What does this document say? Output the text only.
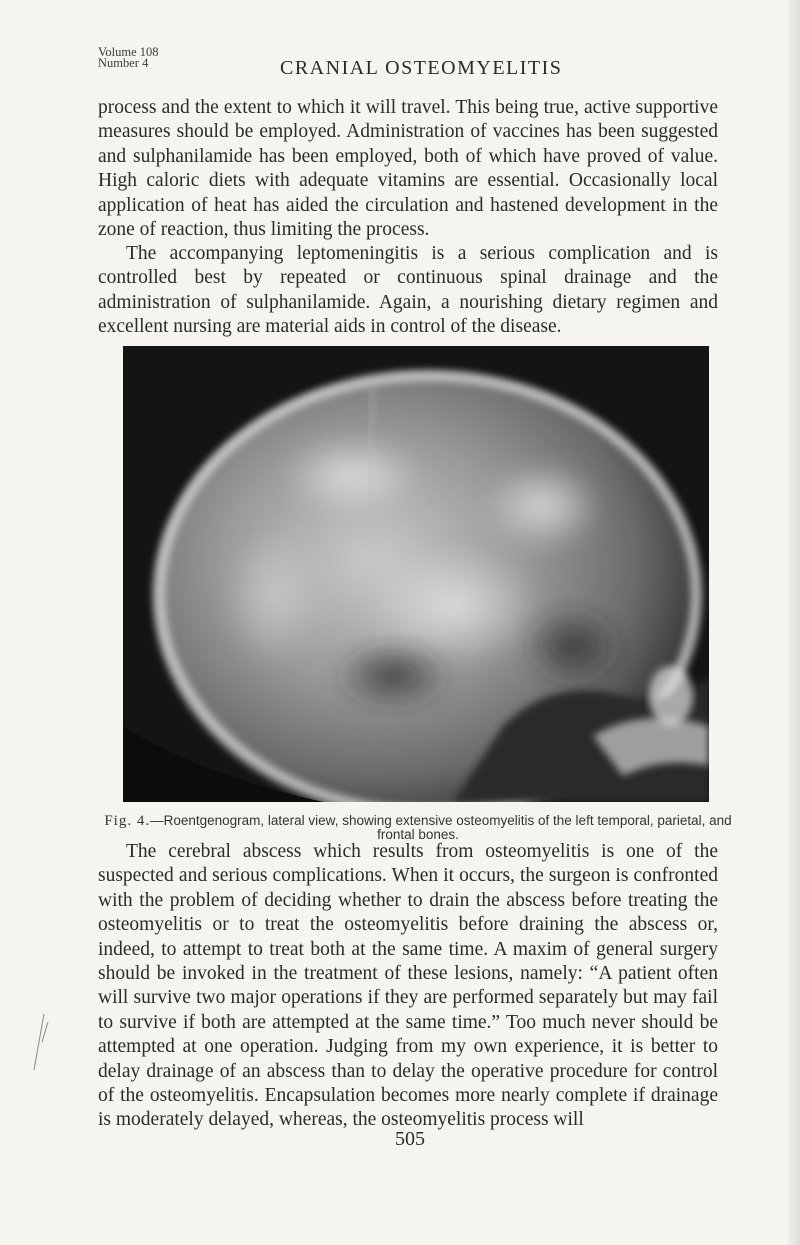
Volume 108
Number 4	CRANIAL OSTEOMYELITIS

process and the extent to which it will travel. This being true, active supportive measures should be employed. Administration of vaccines has been suggested and sulphanilamide has been employed, both of which have proved of value. High caloric diets with adequate vitamins are essential. Occasionally local application of heat has aided the circulation and hastened development in the zone of reaction, thus limiting the process.

The accompanying leptomeningitis is a serious complication and is controlled best by repeated or continuous spinal drainage and the administration of sulphanilamide. Again, a nourishing dietary regimen and excellent nursing are material aids in control of the disease.

Fig. 4.—Roentgenogram, lateral view, showing extensive osteomyelitis of the left temporal, parietal, and frontal bones.

The cerebral abscess which results from osteomyelitis is one of the suspected and serious complications. When it occurs, the surgeon is confronted with the problem of deciding whether to drain the abscess before treating the osteomyelitis or to treat the osteomyelitis before draining the abscess or, indeed, to attempt to treat both at the same time. A maxim of general surgery should be invoked in the treatment of these lesions, namely: “A patient often will survive two major operations if they are performed separately but may fail to survive if both are attempted at the same time.” Too much never should be attempted at one operation. Judging from my own experience, it is better to delay drainage of an abscess than to delay the operative procedure for control of the osteomyelitis. Encapsulation becomes more nearly complete if drainage is moderately delayed, whereas, the osteomyelitis process will

505
